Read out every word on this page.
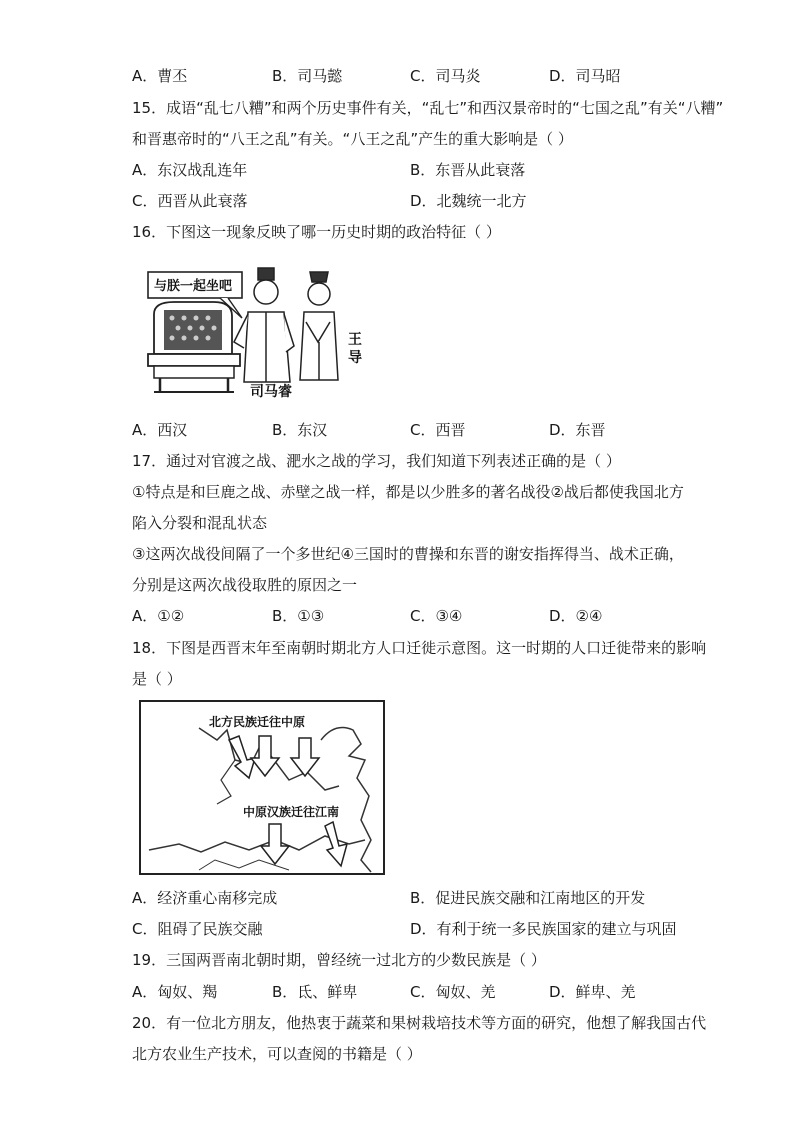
A．曹丕	B．司马懿	C．司马炎	D．司马昭
15．成语“乱七八糟”和两个历史事件有关，“乱七”和西汉景帝时的“七国之乱”有关“八糟”
和晋惠帝时的“八王之乱”有关。“八王之乱”产生的重大影响是（ ）
A．东汉战乱连年	B．东晋从此衰落
C．西晋从此衰落	D．北魏统一北方
16．下图这一现象反映了哪一历史时期的政治特征（ ）
与朕一起坐吧
王
导
司马睿
A．西汉	B．东汉	C．西晋	D．东晋
17．通过对官渡之战、淝水之战的学习，我们知道下列表述正确的是（ ）
①特点是和巨鹿之战、赤壁之战一样，都是以少胜多的著名战役②战后都使我国北方
陷入分裂和混乱状态
③这两次战役间隔了一个多世纪④三国时的曹操和东晋的谢安指挥得当、战术正确，
分别是这两次战役取胜的原因之一
A．①②	B．①③	C．③④	D．②④
18．下图是西晋末年至南朝时期北方人口迁徙示意图。这一时期的人口迁徙带来的影响
是（ ）
北方民族迁往中原
中原汉族迁往江南
A．经济重心南移完成	B．促进民族交融和江南地区的开发
C．阻碍了民族交融	D．有利于统一多民族国家的建立与巩固
19．三国两晋南北朝时期，曾经统一过北方的少数民族是（ ）
A．匈奴、羯	B．氐、鲜卑	C．匈奴、羌	D．鲜卑、羌
20．有一位北方朋友，他热衷于蔬菜和果树栽培技术等方面的研究，他想了解我国古代
北方农业生产技术，可以查阅的书籍是（ ）
